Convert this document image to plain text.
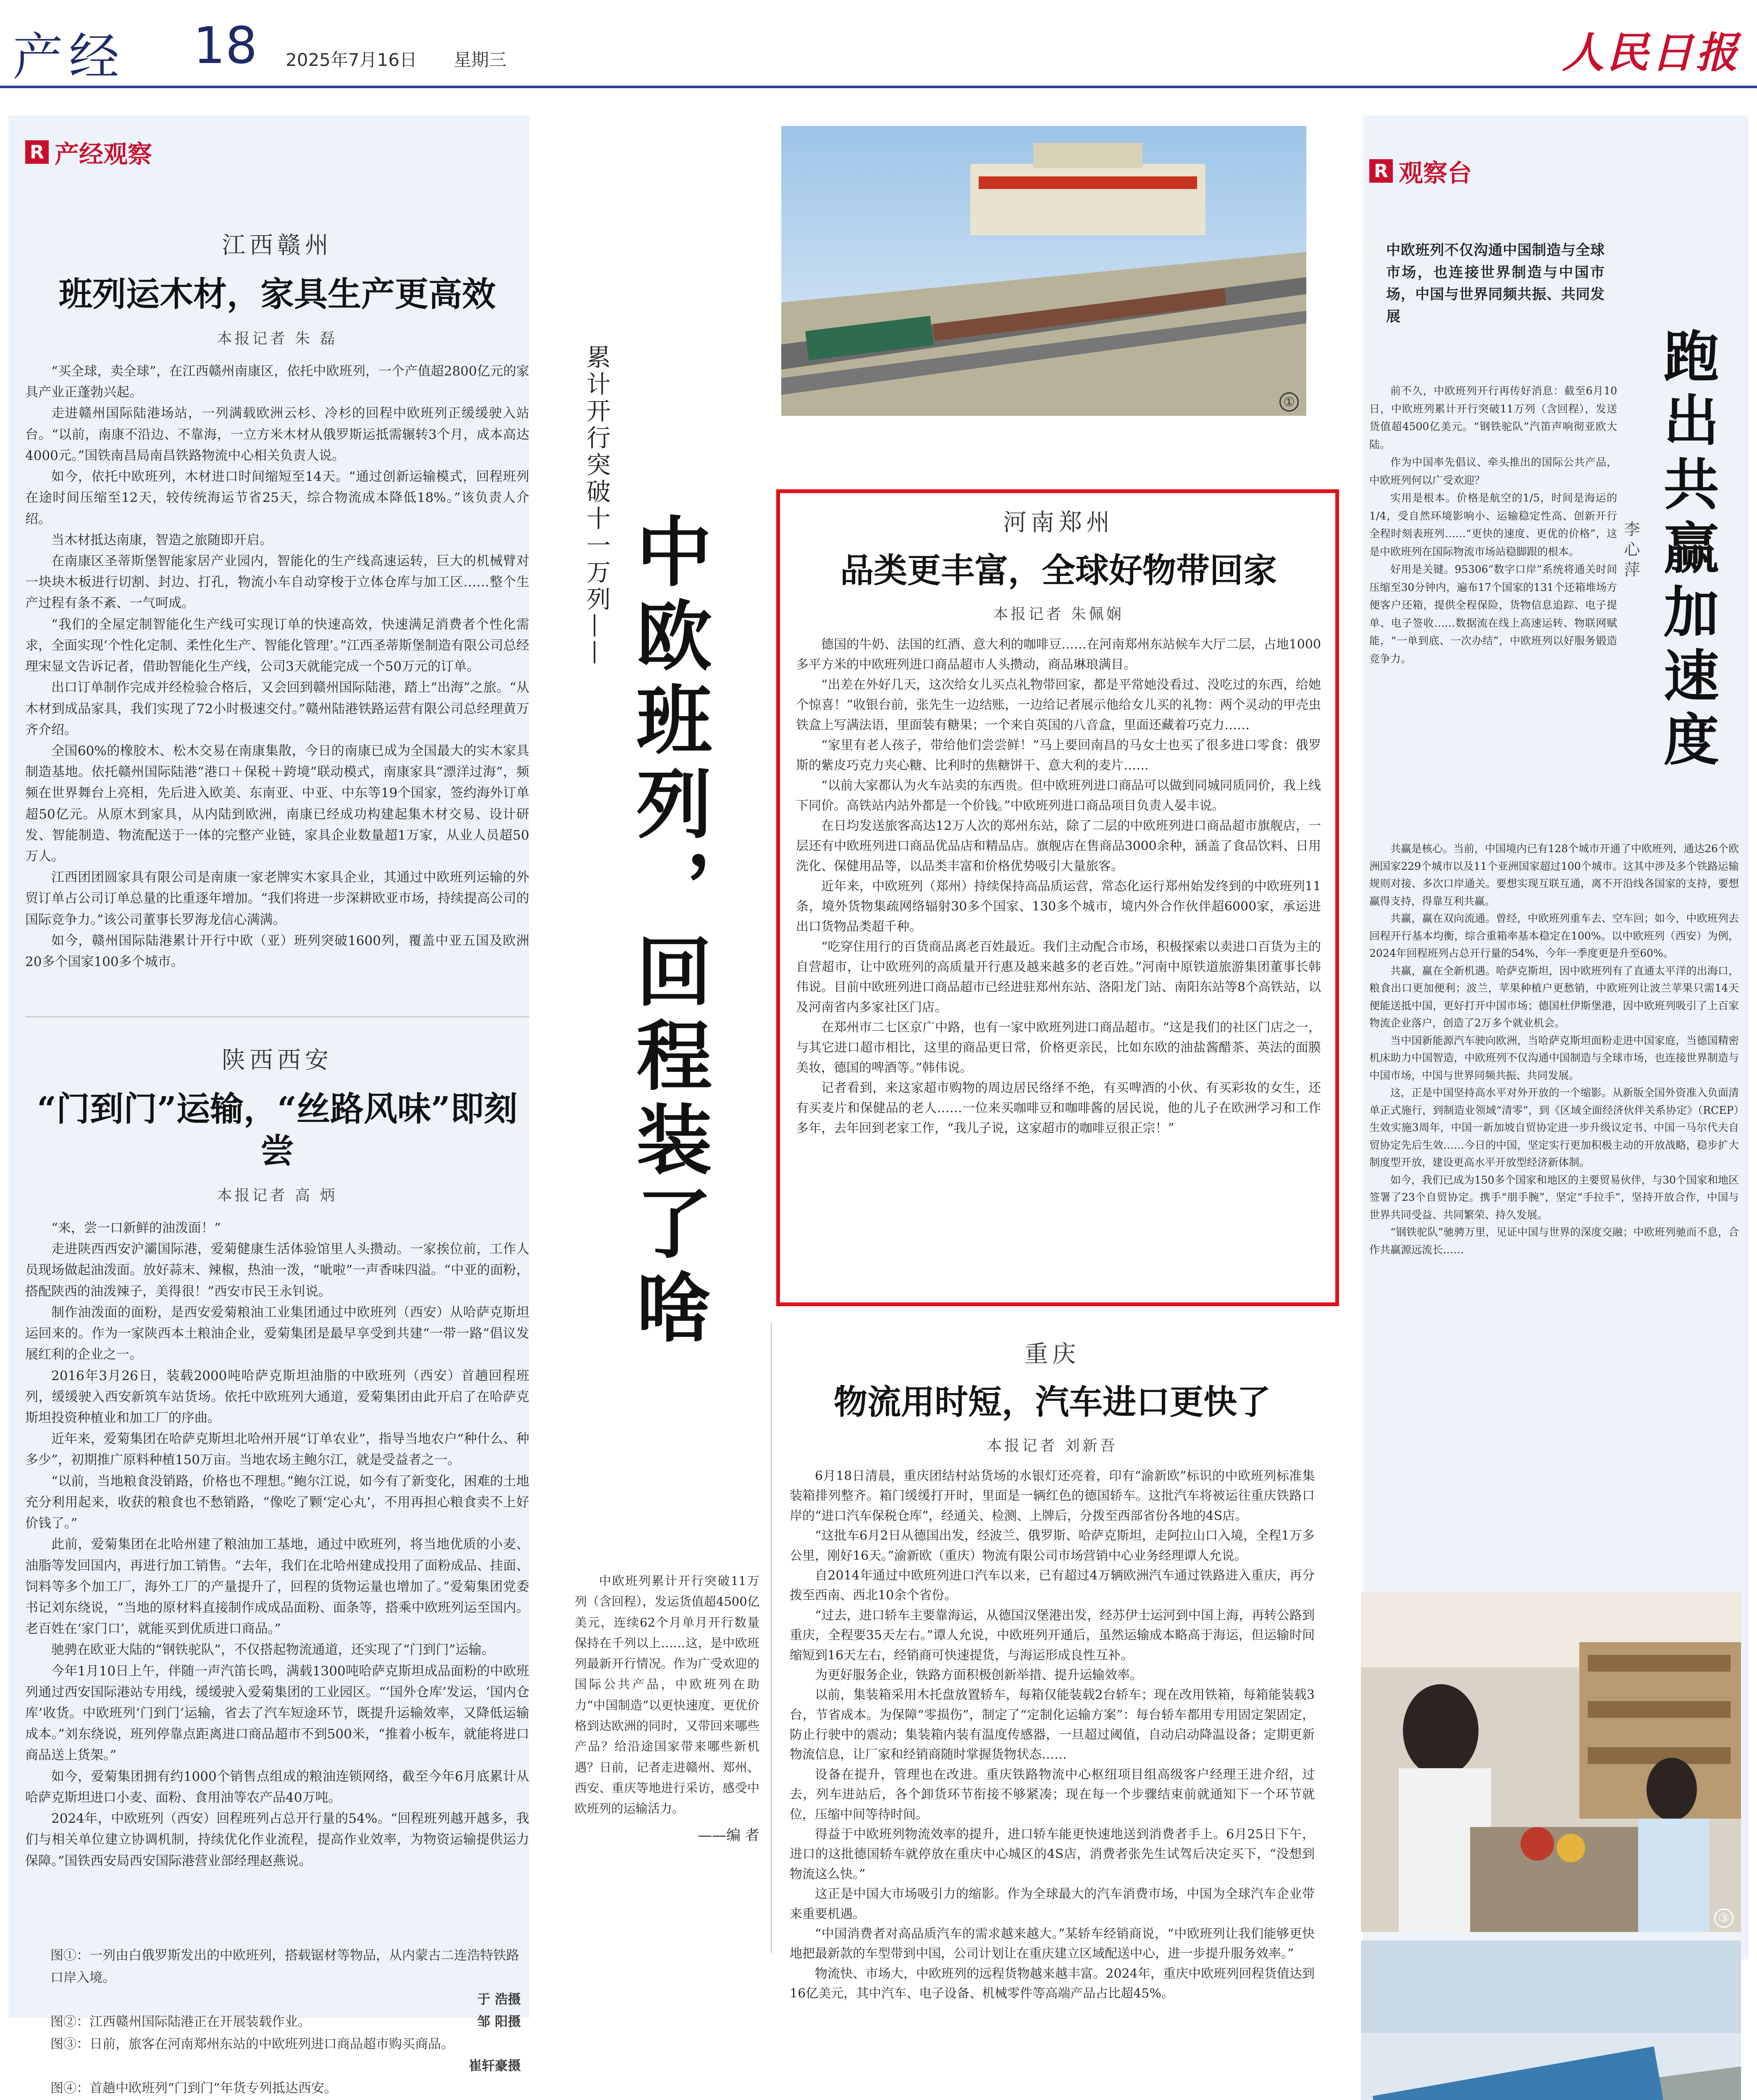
产经 18 2025年7月16日 星期三	人民日报
R 产经观察
江西赣州
班列运木材，家具生产更高效
本报记者 朱 磊

“买全球，卖全球”，在江西赣州南康区，依托中欧班列，一个产值超2800亿元的家具产业正蓬勃兴起。

走进赣州国际陆港场站，一列满载欧洲云杉、冷杉的回程中欧班列正缓缓驶入站台。“以前，南康不沿边、不靠海，一立方米木材从俄罗斯运抵需辗转3个月，成本高达4000元。”国铁南昌局南昌铁路物流中心相关负责人说。

如今，依托中欧班列，木材进口时间缩短至14天。“通过创新运输模式，回程班列在途时间压缩至12天，较传统海运节省25天，综合物流成本降低18%。”该负责人介绍。

当木材抵达南康，智造之旅随即开启。

在南康区圣蒂斯堡智能家居产业园内，智能化的生产线高速运转，巨大的机械臂对一块块木板进行切割、封边、打孔，物流小车自动穿梭于立体仓库与加工区……整个生产过程有条不紊、一气呵成。

“我们的全屋定制智能化生产线可实现订单的快速高效，快速满足消费者个性化需求，全面实现‘个性化定制、柔性化生产、智能化管理’。”江西圣蒂斯堡制造有限公司总经理宋显文告诉记者，借助智能化生产线，公司3天就能完成一个50万元的订单。

出口订单制作完成并经检验合格后，又会回到赣州国际陆港，踏上“出海”之旅。“从木材到成品家具，我们实现了72小时极速交付。”赣州陆港铁路运营有限公司总经理黄万齐介绍。

全国60%的橡胶木、松木交易在南康集散，今日的南康已成为全国最大的实木家具制造基地。依托赣州国际陆港“港口＋保税＋跨境”联动模式，南康家具“漂洋过海”，频频在世界舞台上亮相，先后进入欧美、东南亚、中亚、中东等19个国家，签约海外订单超50亿元。从原木到家具，从内陆到欧洲，南康已经成功构建起集木材交易、设计研发、智能制造、物流配送于一体的完整产业链，家具企业数量超1万家，从业人员超50万人。

江西团团圆家具有限公司是南康一家老牌实木家具企业，其通过中欧班列运输的外贸订单占公司订单总量的比重逐年增加。“我们将进一步深耕欧亚市场，持续提高公司的国际竞争力。”该公司董事长罗海龙信心满满。

如今，赣州国际陆港累计开行中欧（亚）班列突破1600列，覆盖中亚五国及欧洲20多个国家100多个城市。

陕西西安
“门到门”运输，“丝路风味”即刻尝
本报记者 高 炳

“来，尝一口新鲜的油泼面！”

走进陕西西安沪灞国际港，爱菊健康生活体验馆里人头攒动。一家挨位前，工作人员现场做起油泼面。放好蒜末、辣椒，热油一泼，“呲啦”一声香味四溢。“中亚的面粉，搭配陕西的油泼辣子，美得很！”西安市民王永钊说。

制作油泼面的面粉，是西安爱菊粮油工业集团通过中欧班列（西安）从哈萨克斯坦运回来的。作为一家陕西本土粮油企业，爱菊集团是最早享受到共建“一带一路”倡议发展红利的企业之一。

2016年3月26日，装载2000吨哈萨克斯坦油脂的中欧班列（西安）首趟回程班列，缓缓驶入西安新筑车站货场。依托中欧班列大通道，爱菊集团由此开启了在哈萨克斯坦投资种植业和加工厂的序曲。

近年来，爱菊集团在哈萨克斯坦北哈州开展“订单农业”，指导当地农户“种什么、种多少”，初期推广原料种植150万亩。当地农场主鲍尔江，就是受益者之一。

“以前，当地粮食没销路，价格也不理想。”鲍尔江说，如今有了新变化，困难的土地充分利用起来，收获的粮食也不愁销路，“像吃了颗‘定心丸’，不用再担心粮食卖不上好价钱了。”

此前，爱菊集团在北哈州建了粮油加工基地，通过中欧班列，将当地优质的小麦、油脂等发回国内，再进行加工销售。“去年，我们在北哈州建成投用了面粉成品、挂面、饲料等多个加工厂，海外工厂的产量提升了，回程的货物运量也增加了。”爱菊集团党委书记刘东绕说，“当地的原材料直接制作成成品面粉、面条等，搭乘中欧班列运至国内。老百姓在‘家门口’，就能买到优质进口商品。”

驰骋在欧亚大陆的“钢铁驼队”，不仅搭起物流通道，还实现了“门到门”运输。

今年1月10日上午，伴随一声汽笛长鸣，满载1300吨哈萨克斯坦成品面粉的中欧班列通过西安国际港站专用线，缓缓驶入爱菊集团的工业园区。“‘国外仓库’发运，‘国内仓库’收货。中欧班列‘门到门’运输，省去了汽车短途环节，既提升运输效率，又降低运输成本。”刘东绕说，班列停靠点距离进口商品超市不到500米，“推着小板车，就能将进口商品送上货架。”

如今，爱菊集团拥有约1000个销售点组成的粮油连锁网络，截至今年6月底累计从哈萨克斯坦进口小麦、面粉、食用油等农产品40万吨。

2024年，中欧班列（西安）回程班列占总开行量的54%。“回程班列越开越多，我们与相关单位建立协调机制，持续优化作业流程，提高作业效率，为物资运输提供运力保障。”国铁西安局西安国际港营业部经理赵燕说。

①
累计开行突破十一万列——
中欧班列，回程装了啥	河南郑州
品类更丰富，全球好物带回家
本报记者 朱佩娴

德国的牛奶、法国的红酒、意大利的咖啡豆……在河南郑州东站候车大厅二层，占地1000多平方米的中欧班列进口商品超市人头攒动，商品琳琅满目。

“出差在外好几天，这次给女儿买点礼物带回家，都是平常她没看过、没吃过的东西，给她个惊喜！”收银台前，张先生一边结账，一边给记者展示他给女儿买的礼物：两个灵动的甲壳虫铁盒上写满法语，里面装有糖果；一个来自英国的八音盒，里面还藏着巧克力……

“家里有老人孩子，带给他们尝尝鲜！”马上要回南昌的马女士也买了很多进口零食：俄罗斯的紫皮巧克力夹心糖、比利时的焦糖饼干、意大利的麦片……

“以前大家都认为火车站卖的东西贵。但中欧班列进口商品可以做到同城同质同价，我上线下同价。高铁站内站外都是一个价钱。”中欧班列进口商品项目负责人晏丰说。

在日均发送旅客高达12万人次的郑州东站，除了二层的中欧班列进口商品超市旗舰店，一层还有中欧班列进口商品优品店和精品店。旗舰店在售商品3000余种，涵盖了食品饮料、日用洗化、保健用品等，以品类丰富和价格优势吸引大量旅客。

近年来，中欧班列（郑州）持续保持高品质运营，常态化运行郑州始发终到的中欧班列11条，境外货物集疏网络辐射30多个国家、130多个城市，境内外合作伙伴超6000家，承运进出口货物品类超千种。

“吃穿住用行的百货商品离老百姓最近。我们主动配合市场，积极探索以卖进口百货为主的自营超市，让中欧班列的高质量开行惠及越来越多的老百姓。”河南中原铁道旅游集团董事长韩伟说。目前中欧班列进口商品超市已经进驻郑州东站、洛阳龙门站、南阳东站等8个高铁站，以及河南省内多家社区门店。

在郑州市二七区京广中路，也有一家中欧班列进口商品超市。“这是我们的社区门店之一，与其它进口超市相比，这里的商品更日常，价格更亲民，比如东欧的油盐酱醋茶、英法的面膜美妆，德国的啤酒等。”韩伟说。

记者看到，来这家超市购物的周边居民络绎不绝，有买啤酒的小伙、有买彩妆的女生，还有买麦片和保健品的老人……一位来买咖啡豆和咖啡酱的居民说，他的儿子在欧洲学习和工作多年，去年回到老家工作，“我儿子说，这家超市的咖啡豆很正宗！”

中欧班列累计开行突破11万列（含回程），发运货值超4500亿美元，连续62个月单月开行数量保持在千列以上……这，是中欧班列最新开行情况。作为广受欢迎的国际公共产品，中欧班列在助力“中国制造”以更快速度、更优价格到达欧洲的同时，又带回来哪些产品？给沿途国家带来哪些新机遇？日前，记者走进赣州、郑州、西安、重庆等地进行采访，感受中欧班列的运输活力。

——编 者
重庆
物流用时短，汽车进口更快了
本报记者 刘新吾

6月18日清晨，重庆团结村站货场的水银灯还亮着，印有“渝新欧”标识的中欧班列标准集装箱排列整齐。箱门缓缓打开时，里面是一辆红色的德国轿车。这批汽车将被运往重庆铁路口岸的“进口汽车保税仓库”，经通关、检测、上牌后，分拨至西部省份各地的4S店。

“这批车6月2日从德国出发，经波兰、俄罗斯、哈萨克斯坦，走阿拉山口入境，全程1万多公里，刚好16天。”渝新欧（重庆）物流有限公司市场营销中心业务经理谭人允说。

自2014年通过中欧班列进口汽车以来，已有超过4万辆欧洲汽车通过铁路进入重庆，再分拨至西南、西北10余个省份。

“过去，进口轿车主要靠海运，从德国汉堡港出发，经苏伊士运河到中国上海，再转公路到重庆，全程要35天左右。”谭人允说，中欧班列开通后，虽然运输成本略高于海运，但运输时间缩短到16天左右，经销商可快速提货，与海运形成良性互补。

为更好服务企业，铁路方面积极创新举措、提升运输效率。

以前，集装箱采用木托盘放置轿车，每箱仅能装载2台轿车；现在改用铁箱，每箱能装载3台，节省成本。为保障“零损伤”，制定了“定制化运输方案”：每台轿车都用专用固定架固定，防止行驶中的震动；集装箱内装有温度传感器，一旦超过阈值，自动启动降温设备；定期更新物流信息，让厂家和经销商随时掌握货物状态……

设备在提升，管理也在改进。重庆铁路物流中心枢纽项目组高级客户经理王进介绍，过去，列车进站后，各个卸货环节衔接不够紧凑；现在每一个步骤结束前就通知下一个环节就位，压缩中间等待时间。

得益于中欧班列物流效率的提升，进口轿车能更快速地送到消费者手上。6月25日下午，进口的这批德国轿车就停放在重庆中心城区的4S店，消费者张先生试驾后决定买下，“没想到物流这么快。”

这正是中国大市场吸引力的缩影。作为全球最大的汽车消费市场，中国为全球汽车企业带来重要机遇。

“中国消费者对高品质汽车的需求越来越大。”某轿车经销商说，“中欧班列让我们能够更快地把最新款的车型带到中国，公司计划让在重庆建立区域配送中心，进一步提升服务效率。”

物流快、市场大，中欧班列的远程货物越来越丰富。2024年，重庆中欧班列回程货值达到16亿美元，其中汽车、电子设备、机械零件等高端产品占比超45%。

R 观察台
中欧班列不仅沟通中国制造与全球市场，也连接世界制造与中国市场，中国与世界同频共振、共同发展
跑出共赢加速度
李心萍

前不久，中欧班列开行再传好消息：截至6月10日，中欧班列累计开行突破11万列（含回程），发送货值超4500亿美元。“钢铁驼队”汽笛声响彻亚欧大陆。

作为中国率先倡议、牵头推出的国际公共产品，中欧班列何以广受欢迎？

实用是根本。价格是航空的1/5，时间是海运的1/4，受自然环境影响小、运输稳定性高、创新开行全程时刻表班列……“更快的速度、更优的价格”，这是中欧班列在国际物流市场站稳脚跟的根本。

好用是关键。95306“数字口岸”系统将通关时间压缩至30分钟内，遍布17个国家的131个还箱堆场方便客户还箱，提供全程保险，货物信息追踪、电子提单、电子签收……数据流在线上高速运转、物联网赋能，“一单到底、一次办结”，中欧班列以好服务锻造竞争力。

共赢是核心。当前，中国境内已有128个城市开通了中欧班列，通达26个欧洲国家229个城市以及11个亚洲国家超过100个城市。这其中涉及多个铁路运输规则对接、多次口岸通关。要想实现互联互通，离不开沿线各国家的支持，要想赢得支持，得靠互利共赢。

共赢，赢在双向流通。曾经，中欧班列重车去、空车回；如今，中欧班列去回程开行基本均衡，综合重箱率基本稳定在100%。以中欧班列（西安）为例，2024年回程班列占总开行量的54%，今年一季度更是升至60%。

共赢，赢在全新机遇。哈萨克斯坦，因中欧班列有了直通太平洋的出海口，粮食出口更加便利；波兰，苹果种植户更愁销，中欧班列让波兰苹果只需14天便能送抵中国，更好打开中国市场；德国杜伊斯堡港，因中欧班列吸引了上百家物流企业落户，创造了2万多个就业机会。

当中国新能源汽车驶向欧洲，当哈萨克斯坦面粉走进中国家庭，当德国精密机床助力中国智造，中欧班列不仅沟通中国制造与全球市场，也连接世界制造与中国市场，中国与世界同频共振、共同发展。

这，正是中国坚持高水平对外开放的一个缩影。从新版全国外资准入负面清单正式施行，到制造业领域“清零”，到《区域全面经济伙伴关系协定》（RCEP）生效实施3周年，中国一新加坡自贸协定进一步升级议定书、中国一马尔代夫自贸协定先后生效……今日的中国，坚定实行更加积极主动的开放战略，稳步扩大制度型开放，建设更高水平开放型经济新体制。

如今，我们已成为150多个国家和地区的主要贸易伙伴，与30个国家和地区签署了23个自贸协定。携手“朋手腕”，坚定“手拉手”，坚持开放合作，中国与世界共同受益、共同繁荣、持久发展。

“钢铁驼队”驰骋万里，见证中国与世界的深度交融；中欧班列驰而不息，合作共赢源远流长……

③
图①：一列由白俄罗斯发出的中欧班列，搭载锯材等物品，从内蒙古二连浩特铁路口岸入境。
于 浩摄
图②：江西赣州国际陆港正在开展装载作业。	邹 阳摄
图③：日前，旅客在河南郑州东站的中欧班列进口商品超市购买商品。
崔轩豪摄
图④：首趟中欧班列“门到门”年货专列抵达西安。
